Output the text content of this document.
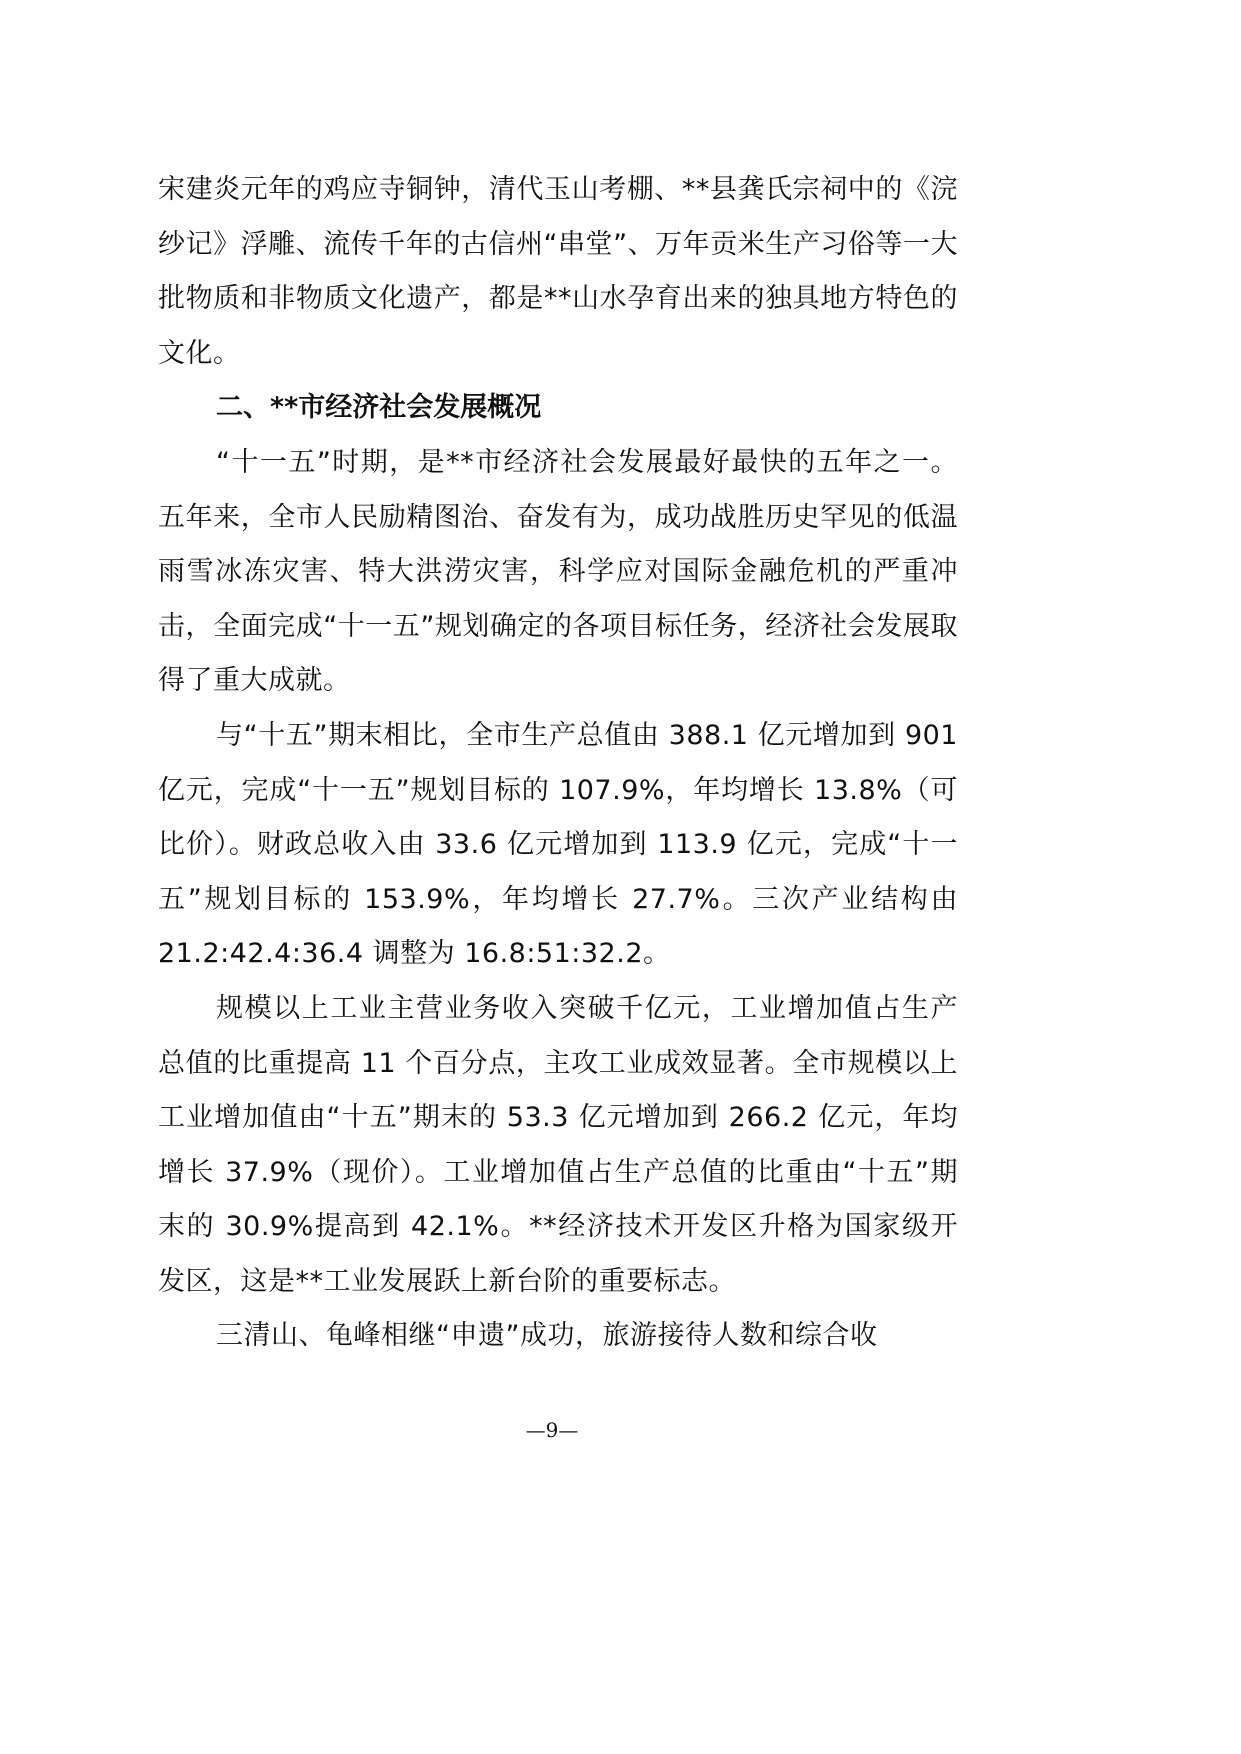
宋建炎元年的鸡应寺铜钟，清代玉山考棚、**县龚氏宗祠中的《浣纱记》浮雕、流传千年的古信州“串堂”、万年贡米生产习俗等一大批物质和非物质文化遗产，都是**山水孕育出来的独具地方特色的文化。

二、**市经济社会发展概况

“十一五”时期，是**市经济社会发展最好最快的五年之一。五年来，全市人民励精图治、奋发有为，成功战胜历史罕见的低温雨雪冰冻灾害、特大洪涝灾害，科学应对国际金融危机的严重冲击，全面完成“十一五”规划确定的各项目标任务，经济社会发展取得了重大成就。

与“十五”期末相比，全市生产总值由 388.1 亿元增加到 901 亿元，完成“十一五”规划目标的 107.9%，年均增长 13.8%（可比价）。财政总收入由 33.6 亿元增加到 113.9 亿元，完成“十一五”规划目标的 153.9%，年均增长 27.7%。三次产业结构由 21.2:42.4:36.4 调整为 16.8:51:32.2。

规模以上工业主营业务收入突破千亿元，工业增加值占生产总值的比重提高 11 个百分点，主攻工业成效显著。全市规模以上工业增加值由“十五”期末的 53.3 亿元增加到 266.2 亿元，年均增长 37.9%（现价）。工业增加值占生产总值的比重由“十五”期末的 30.9%提高到 42.1%。**经济技术开发区升格为国家级开发区，这是**工业发展跃上新台阶的重要标志。

三清山、龟峰相继“申遗”成功，旅游接待人数和综合收

—9—
